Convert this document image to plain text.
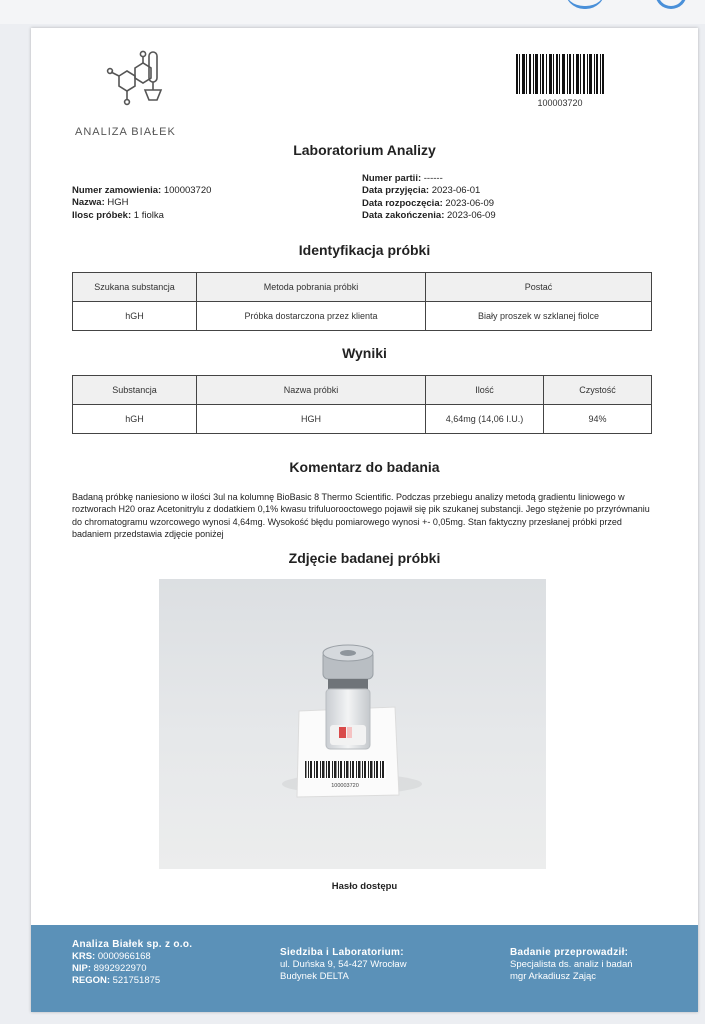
ANALIZA BIAŁEK
100003720
Laboratorium Analizy
Numer zamowienia: 100003720
Nazwa: HGH
Ilosc próbek: 1 fiolka
Numer partii: ------
Data przyjęcia: 2023-06-01
Data rozpoczęcia: 2023-06-09
Data zakończenia: 2023-06-09
Identyfikacja próbki
Szukana substancja	Metoda pobrania próbki	Postać
hGH	Próbka dostarczona przez klienta	Biały proszek w szklanej fiolce
Wyniki
Substancja	Nazwa próbki	Ilość	Czystość
hGH	HGH	4,64mg (14,06 I.U.)	94%
Komentarz do badania
Badaną próbkę naniesiono w ilości 3ul na kolumnę BioBasic 8 Thermo Scientific. Podczas przebiegu analizy metodą gradientu liniowego w roztworach H20 oraz Acetonitrylu z dodatkiem 0,1% kwasu trifuluorooctowego pojawił się pik szukanej substancji. Jego stężenie po przyrównaniu do chromatogramu wzorcowego wynosi 4,64mg. Wysokość błędu pomiarowego wynosi +- 0,05mg. Stan faktyczny przesłanej próbki przed badaniem przedstawia zdjęcie poniżej
Zdjęcie badanej próbki
100003720
Hasło dostępu
Analiza Białek sp. z o.o.
KRS: 0000966168
NIP: 8992922970
REGON: 521751875
Siedziba i Laboratorium:
ul. Duńska 9, 54-427 Wrocław
Budynek DELTA
Badanie przeprowadził:
Specjalista ds. analiz i badań
mgr Arkadiusz Zając
